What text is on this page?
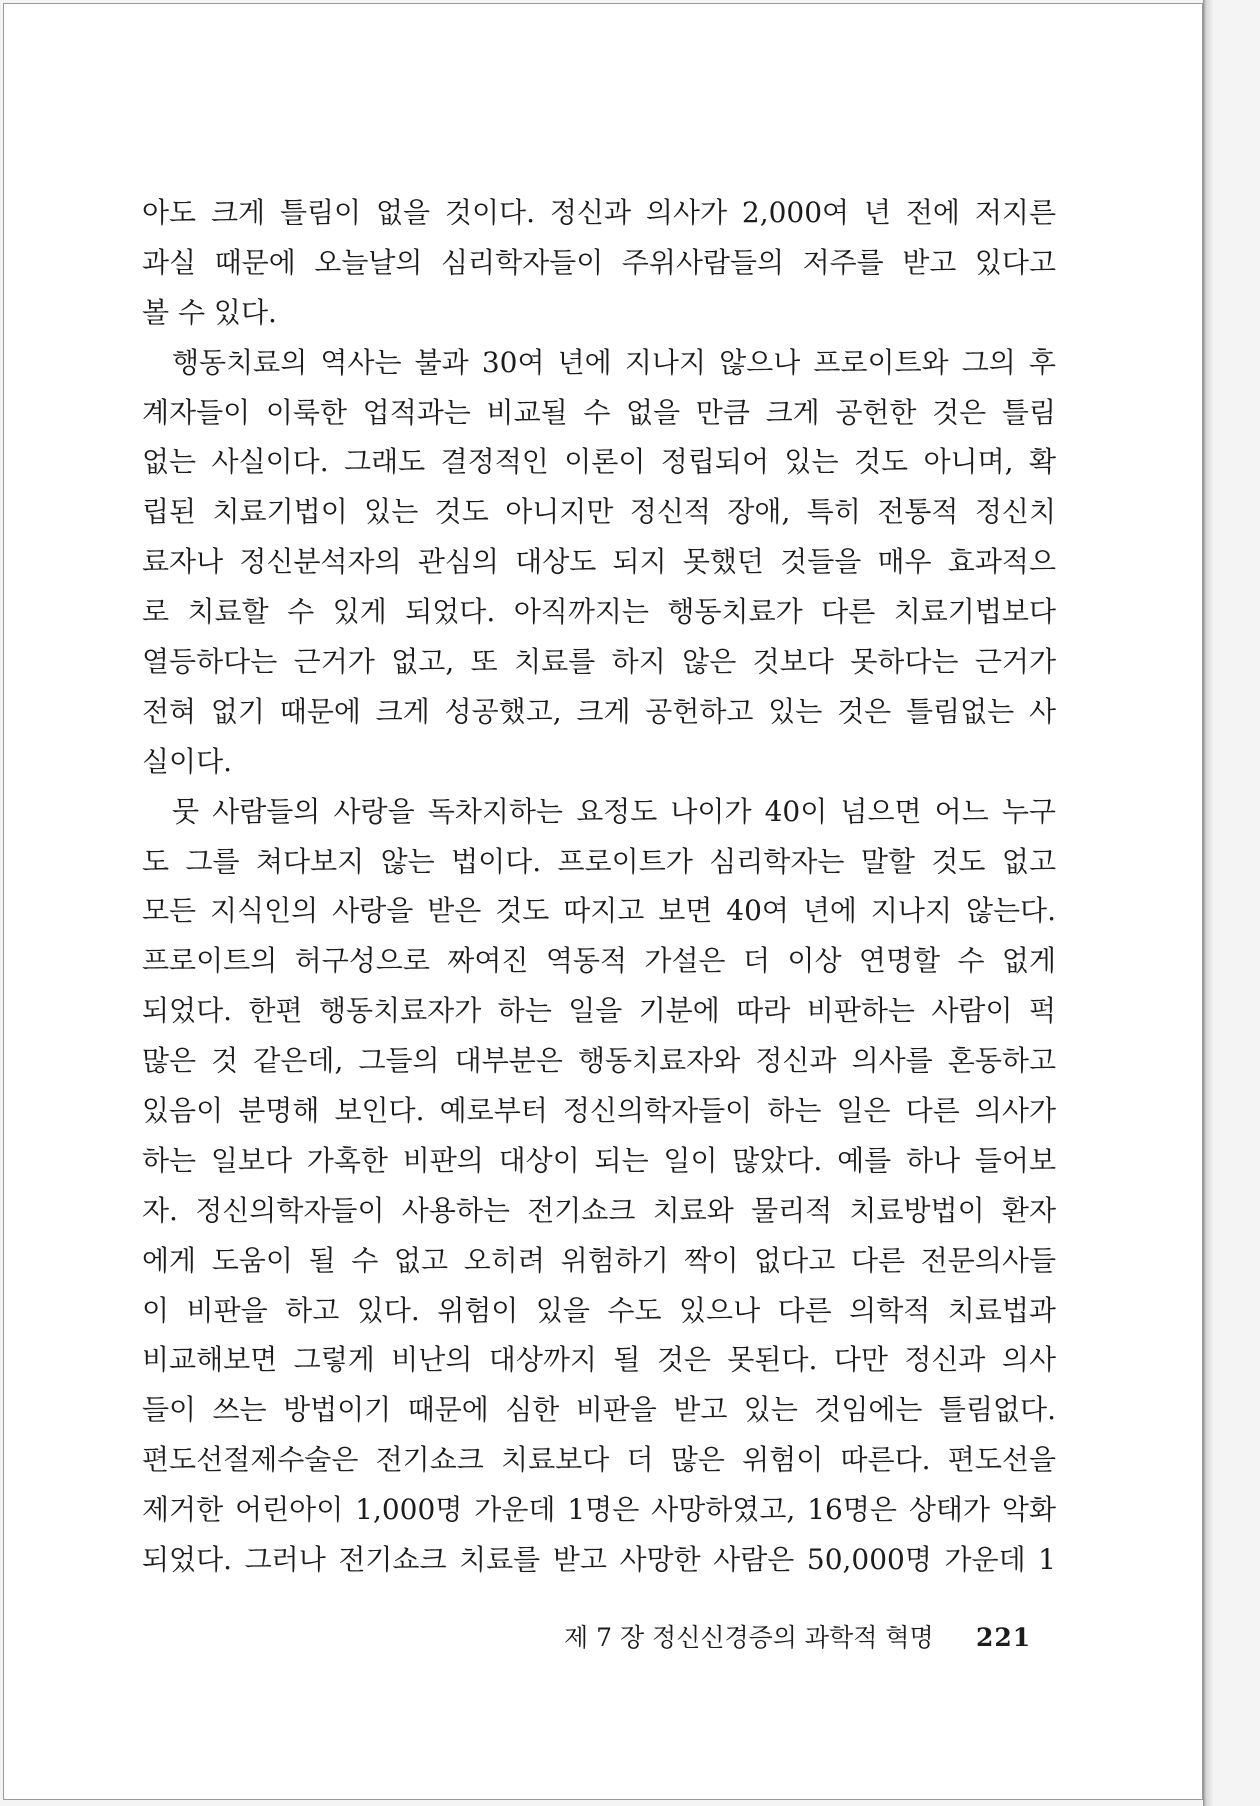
아도 크게 틀림이 없을 것이다. 정신과 의사가 2,000여 년 전에 저지른
과실 때문에 오늘날의 심리학자들이 주위사람들의 저주를 받고 있다고
볼 수 있다.
행동치료의 역사는 불과 30여 년에 지나지 않으나 프로이트와 그의 후
계자들이 이룩한 업적과는 비교될 수 없을 만큼 크게 공헌한 것은 틀림
없는 사실이다. 그래도 결정적인 이론이 정립되어 있는 것도 아니며, 확
립된 치료기법이 있는 것도 아니지만 정신적 장애, 특히 전통적 정신치
료자나 정신분석자의 관심의 대상도 되지 못했던 것들을 매우 효과적으
로 치료할 수 있게 되었다. 아직까지는 행동치료가 다른 치료기법보다
열등하다는 근거가 없고, 또 치료를 하지 않은 것보다 못하다는 근거가
전혀 없기 때문에 크게 성공했고, 크게 공헌하고 있는 것은 틀림없는 사
실이다.
뭇 사람들의 사랑을 독차지하는 요정도 나이가 40이 넘으면 어느 누구
도 그를 쳐다보지 않는 법이다. 프로이트가 심리학자는 말할 것도 없고
모든 지식인의 사랑을 받은 것도 따지고 보면 40여 년에 지나지 않는다.
프로이트의 허구성으로 짜여진 역동적 가설은 더 이상 연명할 수 없게
되었다. 한편 행동치료자가 하는 일을 기분에 따라 비판하는 사람이 퍽
많은 것 같은데, 그들의 대부분은 행동치료자와 정신과 의사를 혼동하고
있음이 분명해 보인다. 예로부터 정신의학자들이 하는 일은 다른 의사가
하는 일보다 가혹한 비판의 대상이 되는 일이 많았다. 예를 하나 들어보
자. 정신의학자들이 사용하는 전기쇼크 치료와 물리적 치료방법이 환자
에게 도움이 될 수 없고 오히려 위험하기 짝이 없다고 다른 전문의사들
이 비판을 하고 있다. 위험이 있을 수도 있으나 다른 의학적 치료법과
비교해보면 그렇게 비난의 대상까지 될 것은 못된다. 다만 정신과 의사
들이 쓰는 방법이기 때문에 심한 비판을 받고 있는 것임에는 틀림없다.
편도선절제수술은 전기쇼크 치료보다 더 많은 위험이 따른다. 편도선을
제거한 어린아이 1,000명 가운데 1명은 사망하였고, 16명은 상태가 악화
되었다. 그러나 전기쇼크 치료를 받고 사망한 사람은 50,000명 가운데 1
제 7 장 정신신경증의 과학적 혁명 221
